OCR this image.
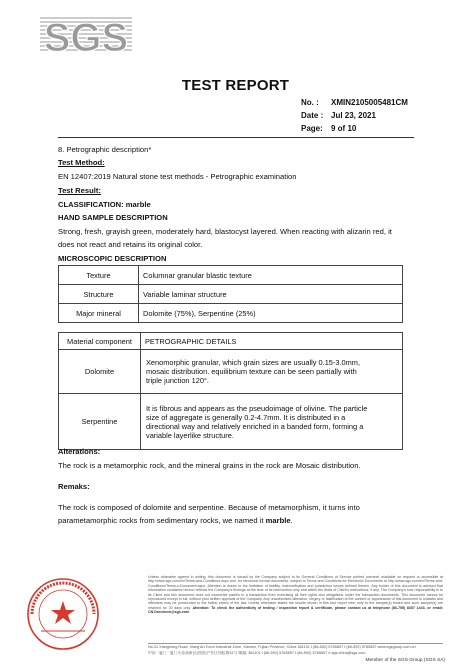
SGS
TEST REPORT
No. :	XMIN2105005481CM
Date : Jul 23, 2021
Page:	9 of 10
8. Petrographic description*
Test Method:
EN 12407:2019 Natural stone test methods - Petrographic examination
Test Result:
CLASSIFICATION: marble
HAND SAMPLE DESCRIPTION
Strong, fresh, grayish green, moderately hard, blastocyst layered. When reacting with alizarin red, it
does not react and retains its original color.
MICROSCOPIC DESCRIPTION
Texture	Columnar granular blastic texture
Structure	Variable laminar structure
Major mineral	Dolomite (75%), Serpentine (25%)
Material component	PETROGRAPHIC DETAILS
Dolomite	Xenomorphic granular, which grain sizes are usually 0.15-3.0mm,
mosaic distribution. equilibrium texture can be seen partially with
triple junction 120°.

Serpentine	It is fibrous and appears as the pseudoimage of olivine. The particle
size of aggregate is generally 0.2-4.7mm. It is distributed in a
directional way and relatively enriched in a banded form, forming a
variable layerlike structure.
Alterations:
The rock is a metamorphic rock, and the mineral grains in the rock are Mosaic distribution.
Remaks:
The rock is composed of dolomite and serpentine. Because of metamorphism, it turns into
parametamorphic rocks from sedimentary rocks, we named it marble.
Unless otherwise agreed in writing, this document is issued by the Company subject to its General Conditions of Service printed overleaf, available on request or accessible at http://www.sgs.com/en/Terms-and-Conditions.aspx and, for electronic format documents, subject to Terms and Conditions for Electronic Documents at http://www.sgs.com/en/Terms-and-Conditions/Terms-e-Document.aspx. Attention is drawn to the limitation of liability, indemnification and jurisdiction issues defined therein. Any holder of this document is advised that information contained hereon reflects the Company's findings at the time of its intervention only and within the limits of Client's instructions, if any. The Company's sole responsibility is to its Client and this document does not exonerate parties to a transaction from exercising all their rights and obligations under the transaction documents. This document cannot be reproduced except in full, without prior written approval of the Company. Any unauthorized alteration, forgery or falsification of the content or appearance of this document is unlawful and offenders may be prosecuted to the fullest extent of the law. Unless otherwise stated the results shown in this test report refer only to the sample(s) tested and such sample(s) are retained for 30 days only. Attention: To check the authenticity of testing / inspection report & certificate, please contact us at telephone (86-755) 8307 1443, or email: CN.Doccheck@sgs.com
No.31 Xianghong Road, Xiang'An Torch Industrial Zone, Xiamen, Fujian Province, China 361101 t (86-592) 5765857 f (86-592) 5765657 www.sgsgroup.com.cn
中国 · 厦门 · 厦门火炬高新区(翔安)产业区翔虹路31号 邮编: 361101 t (86-592) 5765857 f (86-592) 5765657 e sgs.china@sgs.com
Member of the SGS Group (SGS SA)
